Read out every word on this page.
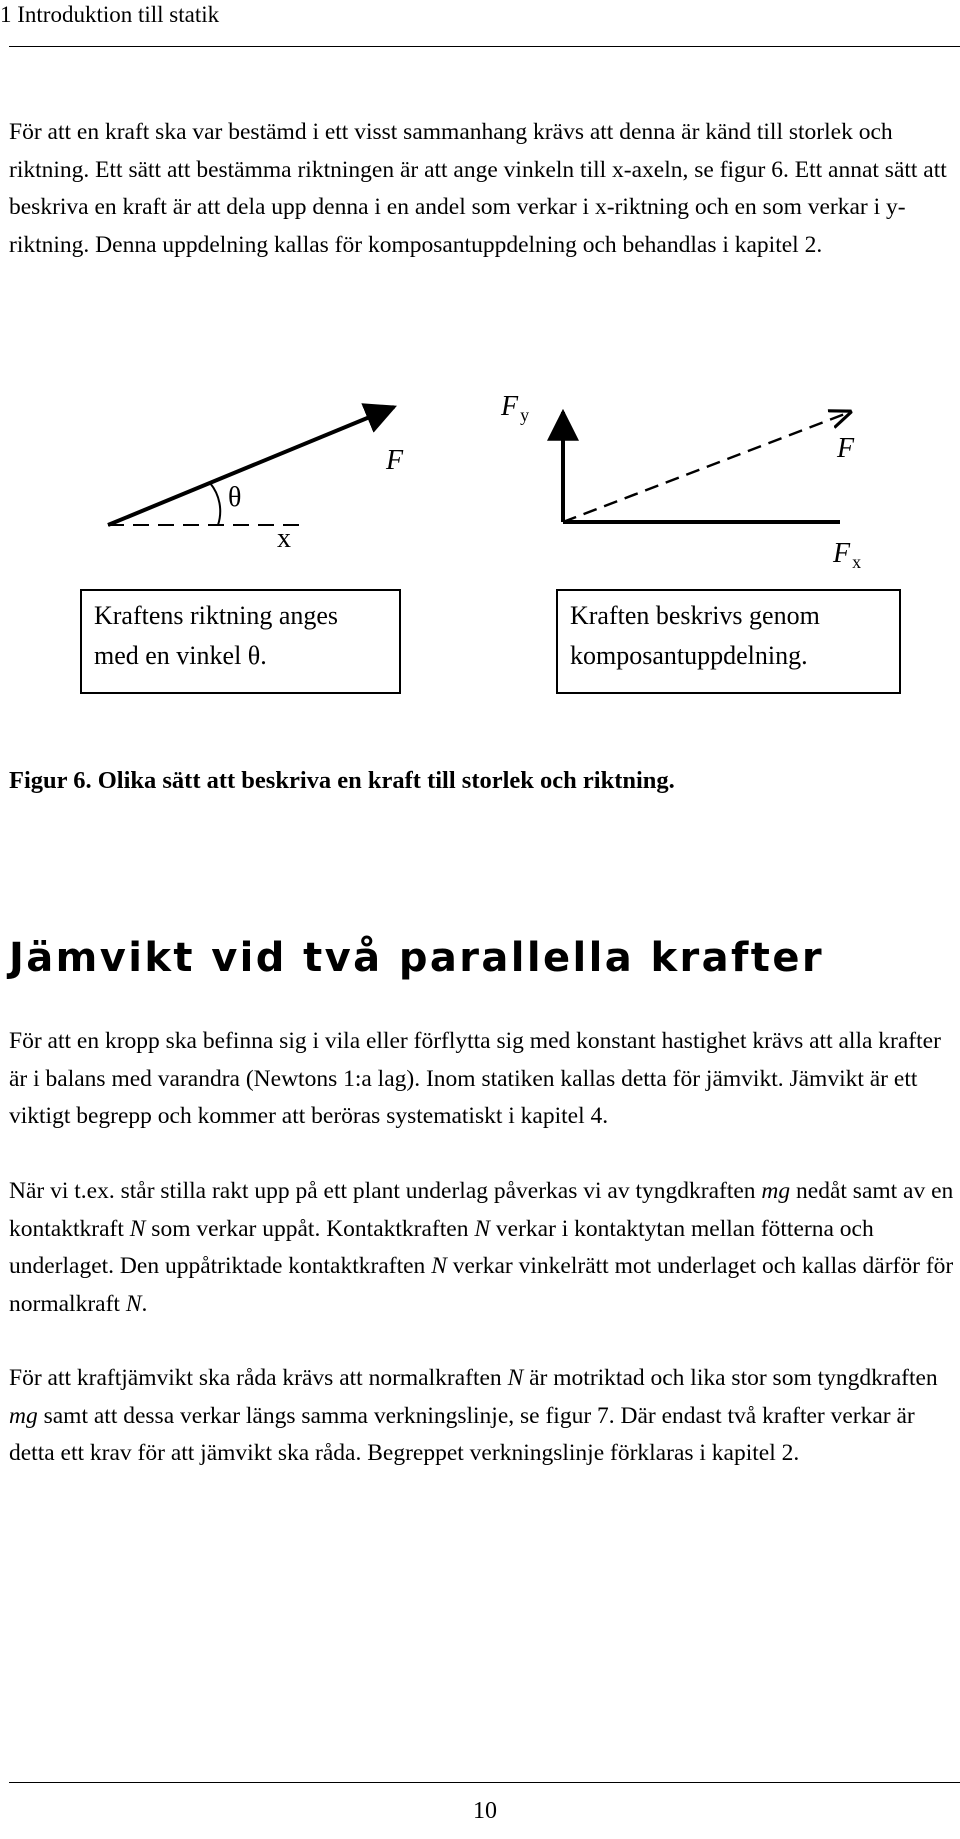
1 Introduktion till statik

För att en kraft ska var bestämd i ett visst sammanhang krävs att denna är känd till storlek och riktning. Ett sätt att bestämma riktningen är att ange vinkeln till x-axeln, se figur 6. Ett annat sätt att beskriva en kraft är att dela upp denna i en andel som verkar i x-riktning och en som verkar i y-riktning. Denna uppdelning kallas för komposantuppdelning och behandlas i kapitel 2.

θ
x
F
Fy
F
Fx
Kraftens riktning anges med en vinkel θ.
Kraften beskrivs genom komposantuppdelning.
Figur 6. Olika sätt att beskriva en kraft till storlek och riktning.
Jämvikt vid två parallella krafter

För att en kropp ska befinna sig i vila eller förflytta sig med konstant hastighet krävs att alla krafter är i balans med varandra (Newtons 1:a lag). Inom statiken kallas detta för jämvikt. Jämvikt är ett viktigt begrepp och kommer att beröras systematiskt i kapitel 4.

När vi t.ex. står stilla rakt upp på ett plant underlag påverkas vi av tyngdkraften mg nedåt samt av en kontaktkraft N som verkar uppåt. Kontaktkraften N verkar i kontaktytan mellan fötterna och underlaget. Den uppåtriktade kontaktkraften N verkar vinkelrätt mot underlaget och kallas därför för normalkraft N.

För att kraftjämvikt ska råda krävs att normalkraften N är motriktad och lika stor som tyngdkraften mg samt att dessa verkar längs samma verkningslinje, se figur 7. Där endast två krafter verkar är detta ett krav för att jämvikt ska råda. Begreppet verkningslinje förklaras i kapitel 2.

10
